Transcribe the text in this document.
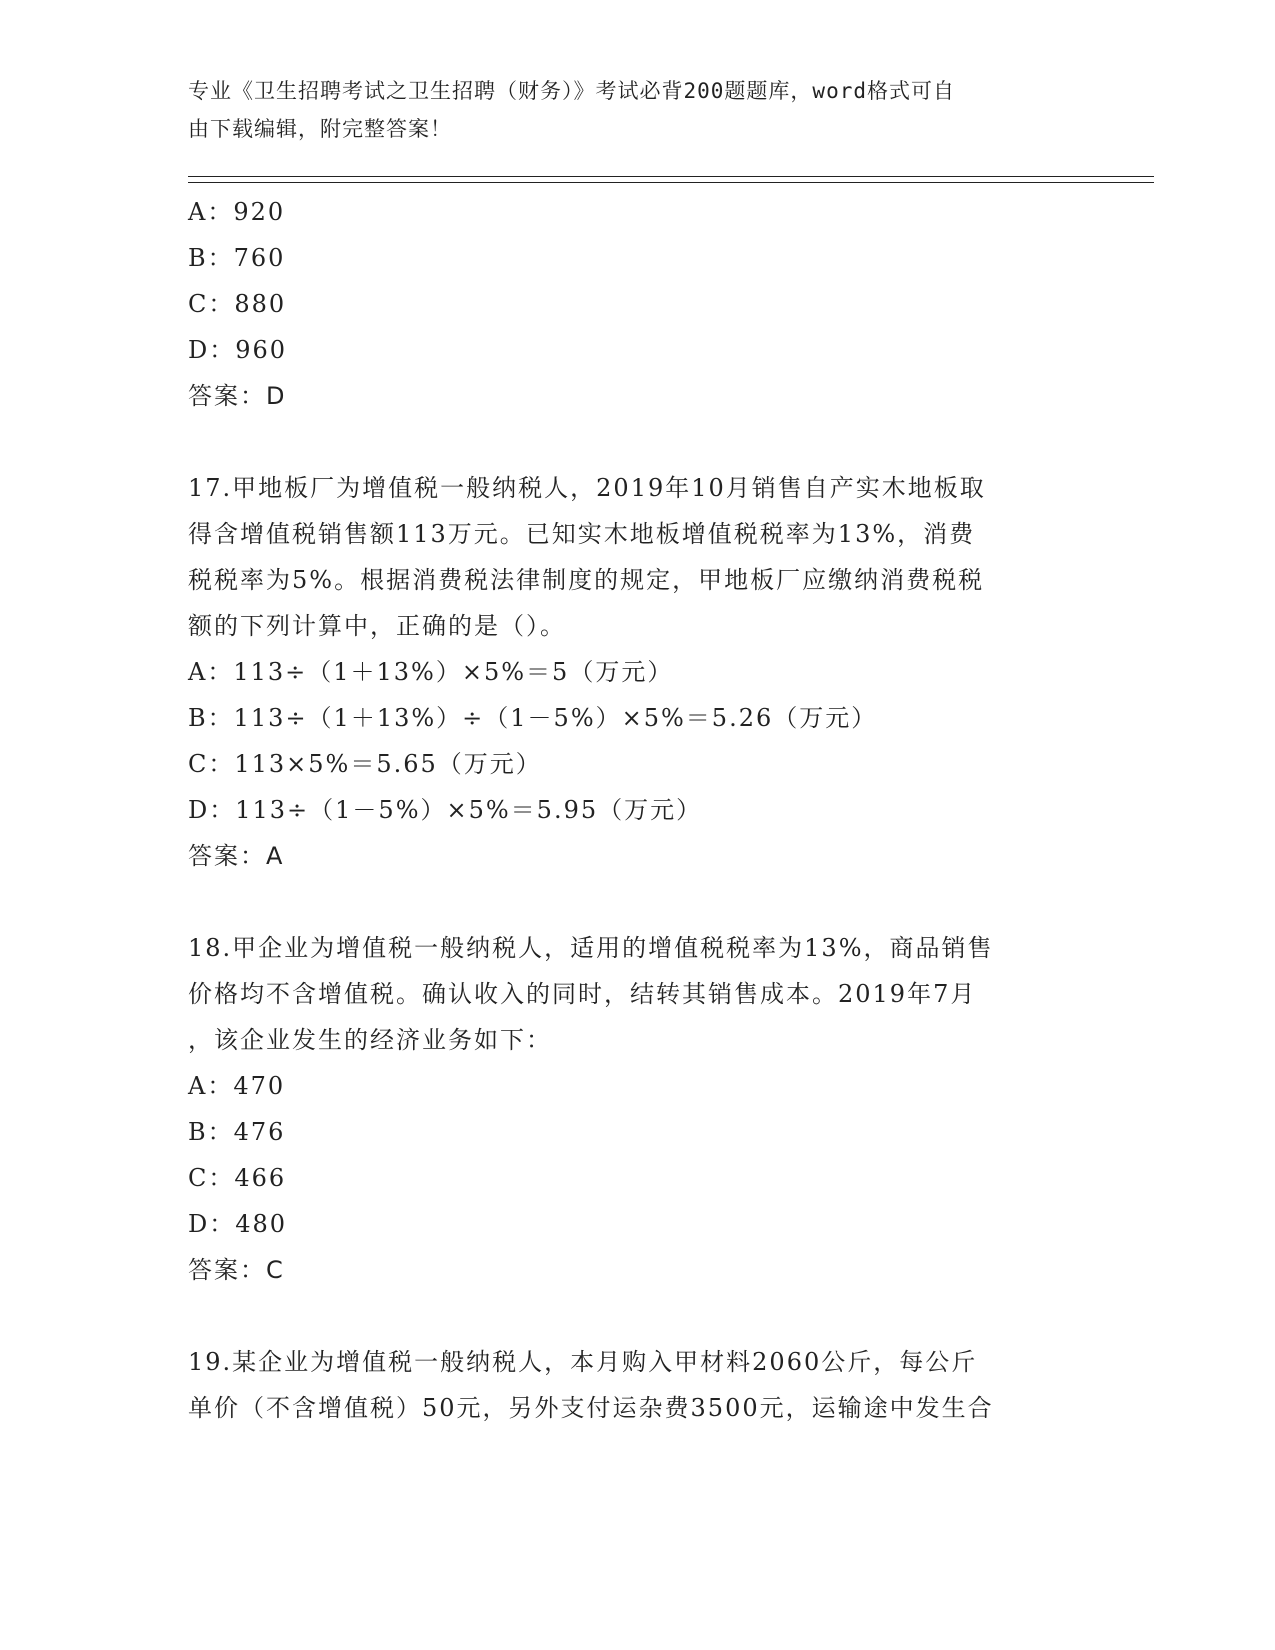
专业《卫生招聘考试之卫生招聘（财务）》考试必背200题题库，word格式可自
由下载编辑，附完整答案！
A：920
B：760
C：880
D：960
答案：D
17.甲地板厂为增值税一般纳税人，2019年10月销售自产实木地板取
得含增值税销售额113万元。已知实木地板增值税税率为13%，消费
税税率为5%。根据消费税法律制度的规定，甲地板厂应缴纳消费税税
额的下列计算中，正确的是（）。
A：113÷（1＋13%）×5%＝5（万元）
B：113÷（1＋13%）÷（1－5%）×5%＝5.26（万元）
C：113×5%＝5.65（万元）
D：113÷（1－5%）×5%＝5.95（万元）
答案：A
18.甲企业为增值税一般纳税人，适用的增值税税率为13%，商品销售
价格均不含增值税。确认收入的同时，结转其销售成本。2019年7月
，该企业发生的经济业务如下：
A：470
B：476
C：466
D：480
答案：C
19.某企业为增值税一般纳税人，本月购入甲材料2060公斤，每公斤
单价（不含增值税）50元，另外支付运杂费3500元，运输途中发生合
